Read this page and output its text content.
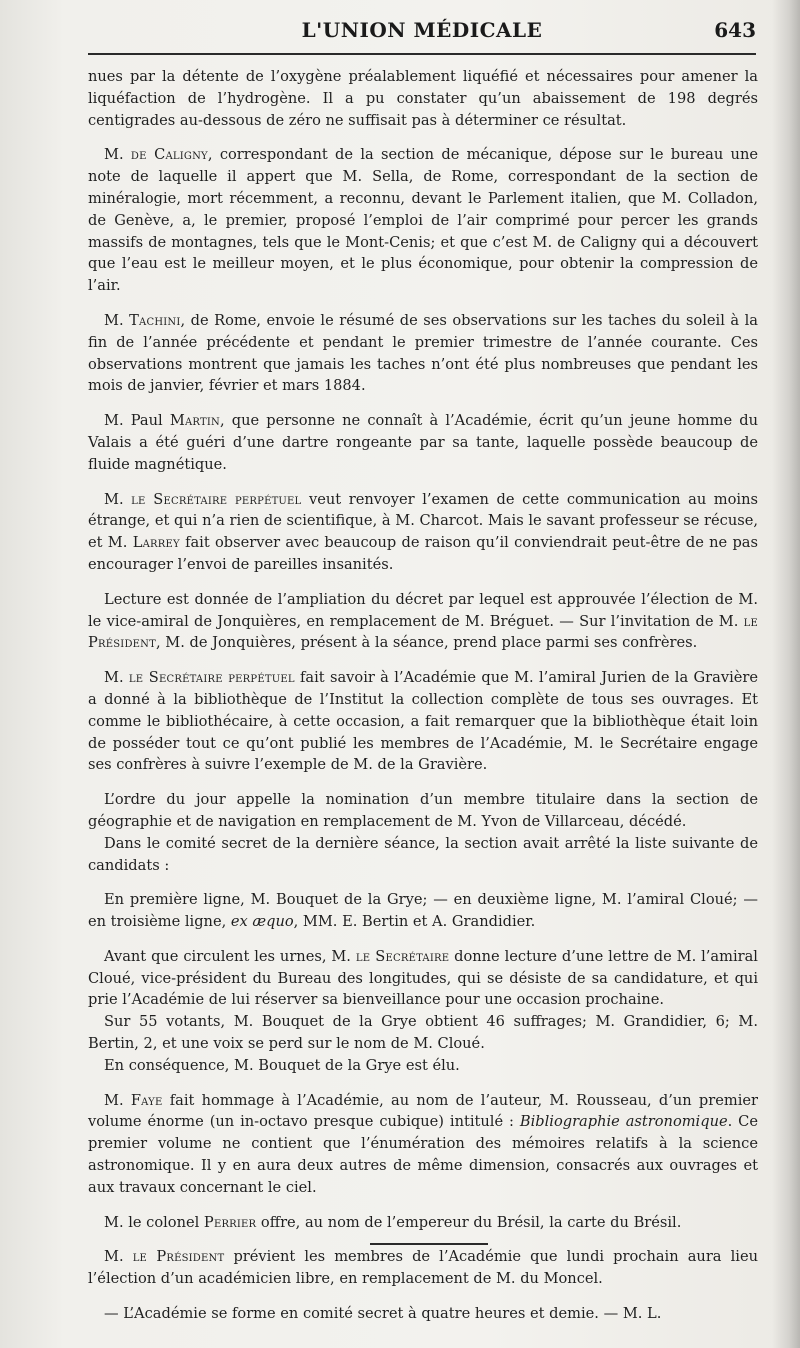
L'UNION MÉDICALE	643

nues par la détente de l’oxygène préalablement liquéfié et nécessaires pour amener la liquéfaction de l’hydrogène. Il a pu constater qu’un abaissement de 198 degrés centigrades au-dessous de zéro ne suffisait pas à déterminer ce résultat.

M. de Caligny, correspondant de la section de mécanique, dépose sur le bureau une note de laquelle il appert que M. Sella, de Rome, correspondant de la section de minéralogie, mort récemment, a reconnu, devant le Parlement italien, que M. Colladon, de Genève, a, le premier, proposé l’emploi de l’air comprimé pour percer les grands massifs de montagnes, tels que le Mont-Cenis; et que c’est M. de Caligny qui a découvert que l’eau est le meilleur moyen, et le plus économique, pour obtenir la compression de l’air.

M. Tachini, de Rome, envoie le résumé de ses observations sur les taches du soleil à la fin de l’année précédente et pendant le premier trimestre de l’année courante. Ces observations montrent que jamais les taches n’ont été plus nombreuses que pendant les mois de janvier, février et mars 1884.

M. Paul Martin, que personne ne connaît à l’Académie, écrit qu’un jeune homme du Valais a été guéri d’une dartre rongeante par sa tante, laquelle possède beaucoup de fluide magnétique.

M. le Secrétaire perpétuel veut renvoyer l’examen de cette communication au moins étrange, et qui n’a rien de scientifique, à M. Charcot. Mais le savant professeur se récuse, et M. Larrey fait observer avec beaucoup de raison qu’il conviendrait peut-être de ne pas encourager l’envoi de pareilles insanités.

Lecture est donnée de l’ampliation du décret par lequel est approuvée l’élection de M. le vice-amiral de Jonquières, en remplacement de M. Bréguet. — Sur l’invitation de M. le Président, M. de Jonquières, présent à la séance, prend place parmi ses confrères.

M. le Secrétaire perpétuel fait savoir à l’Académie que M. l’amiral Jurien de la Gravière a donné à la bibliothèque de l’Institut la collection complète de tous ses ouvrages. Et comme le bibliothécaire, à cette occasion, a fait remarquer que la bibliothèque était loin de posséder tout ce qu’ont publié les membres de l’Académie, M. le Secrétaire engage ses confrères à suivre l’exemple de M. de la Gravière.

L’ordre du jour appelle la nomination d’un membre titulaire dans la section de géographie et de navigation en remplacement de M. Yvon de Villarceau, décédé.

Dans le comité secret de la dernière séance, la section avait arrêté la liste suivante de candidats :

En première ligne, M. Bouquet de la Grye; — en deuxième ligne, M. l’amiral Cloué; — en troisième ligne, ex æquo, MM. E. Bertin et A. Grandidier.

Avant que circulent les urnes, M. le Secrétaire donne lecture d’une lettre de M. l’amiral Cloué, vice-président du Bureau des longitudes, qui se désiste de sa candidature, et qui prie l’Académie de lui réserver sa bienveillance pour une occasion prochaine.

Sur 55 votants, M. Bouquet de la Grye obtient 46 suffrages; M. Grandidier, 6; M. Bertin, 2, et une voix se perd sur le nom de M. Cloué.

En conséquence, M. Bouquet de la Grye est élu.

M. Faye fait hommage à l’Académie, au nom de l’auteur, M. Rousseau, d’un premier volume énorme (un in-octavo presque cubique) intitulé : Bibliographie astronomique. Ce premier volume ne contient que l’énumération des mémoires relatifs à la science astronomique. Il y en aura deux autres de même dimension, consacrés aux ouvrages et aux travaux concernant le ciel.

M. le colonel Perrier offre, au nom de l’empereur du Brésil, la carte du Brésil.

M. le Président prévient les membres de l’Académie que lundi prochain aura lieu l’élection d’un académicien libre, en remplacement de M. du Moncel.

— L’Académie se forme en comité secret à quatre heures et demie. — M. L.
